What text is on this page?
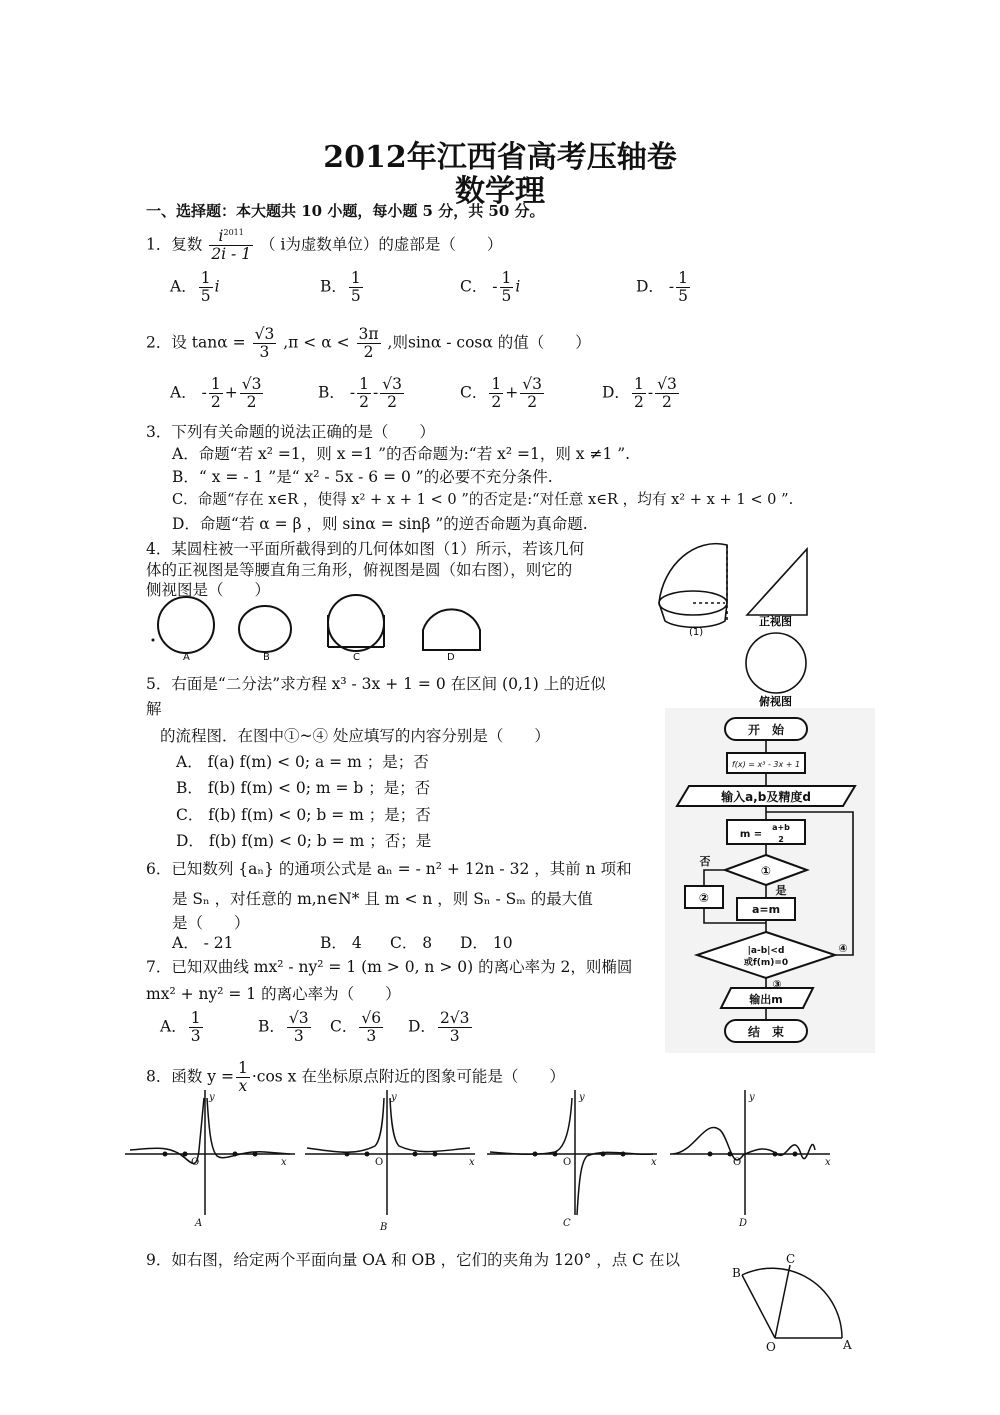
2012年江西省高考压轴卷
数学理
一、选择题：本大题共 10 小题，每小题 5 分，共 50 分。
1．复数 $\frac{i^{2011}}{2i - 1}$ （ i为虚数单位）的虚部是（　　）
A． $\frac{1}{5}$ i	B． $\frac{1}{5}$	C． - $\frac{1}{5}$ i	D． - $\frac{1}{5}$
2．设 $\tan\alpha = \frac{√3}{3} ,\pi < \alpha < \frac{3\pi}{2}$ ,则sinα - cosα 的值（　　）
A． - $\frac{1}{2} + \frac{√3}{2}$	B． - $\frac{1}{2} - \frac{√3}{2}$	C． $\frac{1}{2} + \frac{√3}{2}$	D． $\frac{1}{2} - \frac{√3}{2}$
3．下列有关命题的说法正确的是（　　）
A．命题“若 x² =1，则 x =1 ”的否命题为:“若 x² =1，则 x ≠1 ”.
B．“ x = - 1 ”是“ x² - 5x - 6 = 0 ”的必要不充分条件.
C．命题“存在 x∈R ，使得 x² + x + 1 < 0 ”的否定是:“对任意 x∈R ，均有 x² + x + 1 < 0 ”.
D．命题“若 α = β ，则 sinα = sinβ ”的逆否命题为真命题.
4．某圆柱被一平面所截得到的几何体如图（1）所示，若该几何
体的正视图是等腰直角三角形，俯视图是圆（如右图），则它的
侧视图是（　　）
A	B	C	D
(1)
正视图
俯视图
5．右面是“二分法”求方程 x³ - 3x + 1 = 0 在区间 (0,1) 上的近似
解
的流程图．在图中①~④ 处应填写的内容分别是（　　）
A． f(a) f(m) < 0; a = m ；是；否
B． f(b) f(m) < 0; m = b ；是；否
C． f(b) f(m) < 0; b = m ；是；否
D． f(b) f(m) < 0; b = m ；否；是
开　始
f(x) = x³ - 3x + 1
输入a,b及精度d
m =
a+b
2
①
是
否
②
a=m
|a-b|<d
或f(m)=0
③
④
输出m
结　束
6．已知数列 {aₙ} 的通项公式是 aₙ = - n² + 12n - 32 ，其前 n 项和
是 Sₙ ，对任意的 m,n∈N* 且 m < n ，则 Sₙ - Sₘ 的最大值
是（　　）
A． - 21	B． 4 C． 8 D． 10
7．已知双曲线 mx² - ny² = 1 (m > 0, n > 0) 的离心率为 2，则椭圆
mx² + ny² = 1 的离心率为（　　）
A． $\frac{1}{3}$	B． $\frac{√3}{3}$ C． $\frac{√6}{3}$ D． $\frac{2√3}{3}$
8．函数 $y = \frac{1}{x} \cdot\cos$ x 在坐标原点附近的图象可能是（　　）
y	y	y	y
x	x	x	x
O	O	O	O
A	B	C	D
9．如右图，给定两个平面向量 OA 和 OB ，它们的夹角为 120° ，点 C 在以
B
C
O	A
